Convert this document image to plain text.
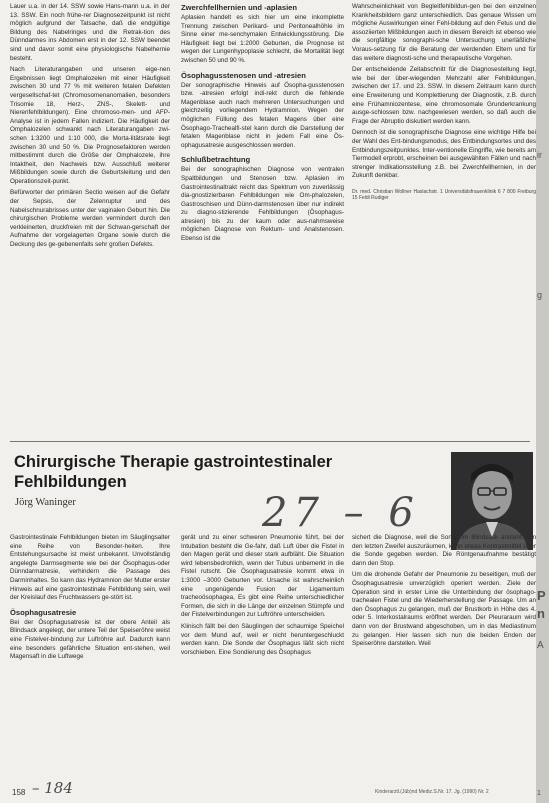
Lauer u.a. in der 14. SSW sowie Hans-mann u.a. in der 13. SSW. Ein noch frühe-rer Diagnosezeitpunkt ist nicht möglich aufgrund der Tatsache, daß die endgültige Bildung des Nabelringes und die Retrak-tion des Dünndarmes ins Abdomen erst in der 12. SSW beendet sind und davor somit eine physiologische Nabelhernie besteht.

Nach Literaturangaben und unseren eige-nen Ergebnissen liegt Omphalozelen mit einer Häufigkeit zwischen 30 und 77 % mit weiteren fetalen Defekten vergesellschaf-tet (Chromosomenanomalien, besonders Trisomie 18, Herz-, ZNS-, Skelett- und Nierenfehlbildungen). Eine chromoso-men- und AFP-Analyse ist in jedem Fallen indiziert. Die Häufigkeit der Omphalozelen schwankt nach Literaturangaben zwi-schen 1:3200 und 1:10 000, die Morta-litätsrate liegt zwischen 30 und 50 %. Die Prognosefaktoren werden mitbestimmt durch die Größe der Omphalozele, ihre Intaktheit, den Nachweis bzw. Ausschluß weiterer Mißbildungen sowie durch die Geburtsleitung und den Operationszeit-punkt.

Befürworter der primären Sectio weisen auf die Gefahr der Sepsis, der Zelenruptur und des Nabelschnurabrisses unter der vaginalen Geburt hin. Die chirurgischen Probleme werden vermindert durch den verkleinerten, druckfreien mit der Schwan-gerschaft der Aufnahme der vorgelagerten Organe sowie durch die Deckung des ge-gebenenfalls sehr großen Defekts.

Zwerchfellhernien und -aplasien

Aplasien handelt es sich hier um eine inkomplette Trennung zwischen Perikard- und Peritonealhöhle im Sinne einer me-senchymalen Entwicklungsstörung. Die Häufigkeit liegt bei 1:2000 Geburten, die Prognose ist wegen der Lungenhypoplasie schlecht, die Mortalität liegt zwischen 50 und 90 %.

Ösophagusstenosen und -atresien

Der sonographische Hinweis auf Ösopha-gusstenosen bzw. -atresien erfolgt indi-rekt durch die fehlende Magenblase auch nach mehreren Untersuchungen und gleichzeitig vorliegendem Hydramnion. Wegen der möglichen Füllung des fetalen Magens über eine Ösophago-Trachealfi-stel kann durch die Darstellung der fetalen Magenblase nicht in jedem Fall eine Ös-ophagusatresie ausgeschlossen werden.

Schlußbetrachtung

Bei der sonographischen Diagnose von ventralen Spaltbildungen und Stenosen bzw. Aplasien im Gastrointestinaltrakt reicht das Spektrum von zuverlässig dia-gnostizierbaren Fehlbildungen wie Om-phalozelen, Gastroschisen und Dünn-darmstenosen über nur indirekt zu diagno-stizierende Fehlbildungen (Ösophagus-atresien) bis zu der kaum oder aus-nahmsweise möglichen Diagnose von Rektum- und Analstenosen. Ebenso ist die

Wahrscheinlichkeit von Begleitfehlbildun-gen bei den einzelnen Krankheitsbildern ganz unterschiedlich. Das genaue Wissen um mögliche Auswirkungen einer Fehl-bildung auf den Fetus und die assoziierten Mißbildungen auch in diesem Bereich ist ebenso wie die sorgfältige sonographi-sche Untersuchung unerläßliche Voraus-setzung für die Beratung der werdenden Eltern und für das weitere diagnosti-sche und therapeutische Vorgehen.

Der entscheidende Zeitabschnitt für die Diagnosestellung liegt, wie bei der über-wiegenden Mehrzahl aller Fehlbildungen, zwischen der 17. und 23. SSW. In diesem Zeitraum kann durch eine Erweiterung und Komplettierung der Diagnostik, z.B. durch eine Frühamniozentese, eine chromosomale Grunderkrankung ausge-schlossen bzw. nachgewiesen werden, so daß auch die Frage der Abruptio diskutiert werden kann.

Dennoch ist die sonographische Diagnose eine wichtige Hilfe bei der Wahl des Ent-bindungsmodus, des Entbindungsortes und des Entbindungszeitpunktes. Inter-ventionelle Eingriffe, wie bereits am Tiermodell erprobt, erscheinen bei ausgewählten Fällen und nach strenger Indikationsstellung z.B. bei Zwerchfellhernien, in der Zukunft denkbar.

Dr. med. Christian Wollner Haslachstr. 1 Universitätsfrauenklinik 6 7 800 Freiburg 15 Feldi Rudiger
Chirurgische Therapie gastrointestinaler Fehlbildungen
Jörg Waninger	27 – 6

Gastrointestinale Fehlbildungen bieten im Säuglingsalter eine Reihe von Besonder-heiten. Ihre Entstehungsursache ist meist unbekannt. Unvollständig angelegte Darmsegmente wie bei der Ösophagus-oder Dünndarmatresie, verhindern die Passage des Darminhaltes. So kann das Hydramnion der Mutter erster Hinweis auf eine gastrointestinale Fehlbildung sein, weil der Kreislauf des Fruchtwassers ge-stört ist.

Ösophagusatresie

Bei der Ösophagusatresie ist der obere Anteil als Blindsack angelegt, der untere Teil der Speiseröhre weist eine Fistelver-bindung zur Luftröhre auf. Dadurch kann eine besonders gefährliche Situation ent-stehen, weil Magensaft in die Luftwege

gerät und zu einer schweren Pneumonie führt, bei der Intubation besteht die Ge-fahr, daß Luft über die Fistel in den Magen gerät und dieser stark aufbläht. Die Situation wird lebensbedrohlich, wenn der Tubus unbemerkt in die Fistel rutscht. Die Ösophagusatresie kommt etwa in 1:3000 –3000 Geburten vor. Ursache ist wahrscheinlich eine ungenügende Fusion der Ligamentum tracheoösophagea, Es gibt eine Reihe unterschiedlicher Formen, die sich in die Länge der einzelnen Stümpfe und der Fistelverbindungen zur Luftröhre unterscheiden.

Klinisch fällt bei den Säuglingen der schaumige Speichel vor dem Mund auf, weil er nicht heruntergeschluckt werden kann. Die Sonde der Ösophagus läßt sich nicht vorschieben. Eine Sondierung des Ösophagus

sichert die Diagnose, weil die Sonde im Blindsack ansteht. Um den letzten Zweifel auszuräumen, kann etwas Kontrastmittel über die Sonde gegeben werden. Die Röntgenaufnahme bestätigt dann den Stop.

Um die drohende Gefahr der Pneumonie zu beseitigen, muß der Ösophagusatresie unverzüglich operiert werden. Ziele der Operation sind in erster Linie die Unterbindung der ösophago-trachealen Fistel und die Wiederherstellung der Passage. Um an den Ösophagus zu gelangen, muß der Brustkorb in Höhe des 4. oder 5. Interkostalraums eröffnet werden. Der Pleuraraum wird dann von der Brustwand abgeschoben, um in das Mediastinum zu gelangen. Hier lassen sich nun die beiden Enden der Speiseröhre darstellen. Weil

158 – 184	Kinderarztl.(Jüb)nd Mediz.S.Nr. 17. Jg. (1990) Nr. 2
ir
g
P
n
A
1
